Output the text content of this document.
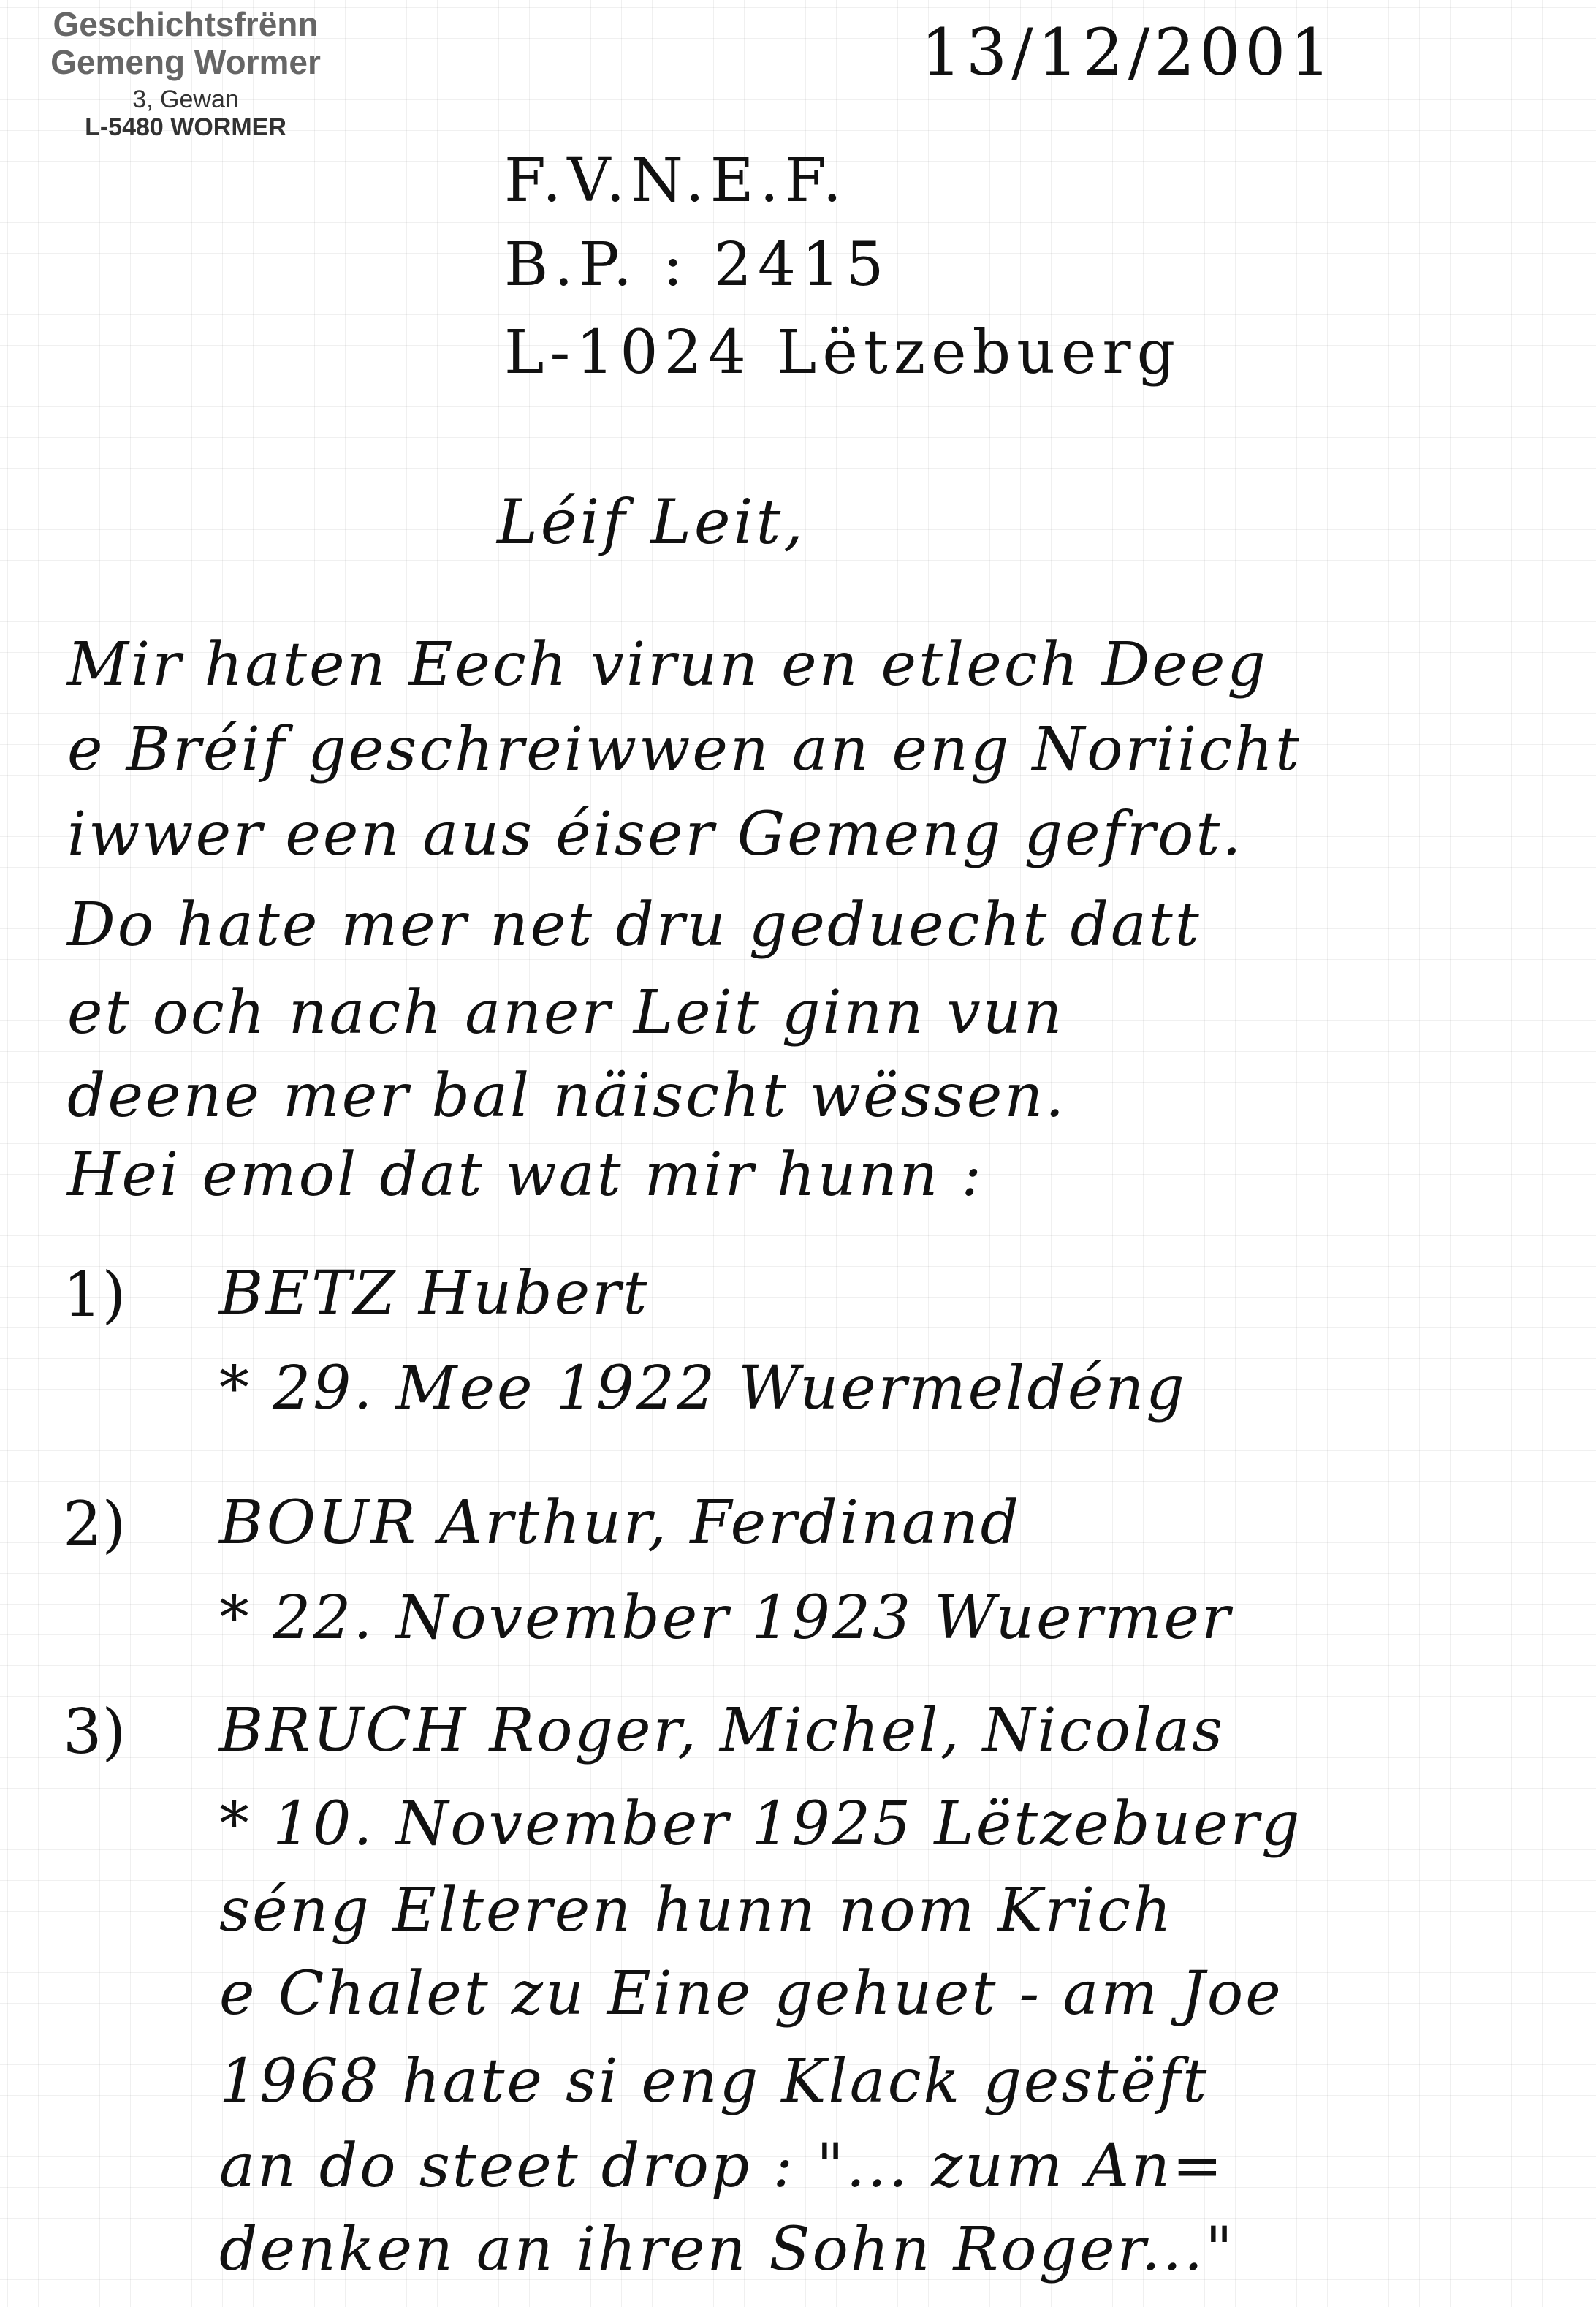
Geschichtsfrënn
Gemeng Wormer
3, Gewan
L-5480 WORMER
13/12/2001
F.V.N.E.F.
B.P. : 2415
L-1024 Lëtzebuerg
Léif Leit,
Mir haten Eech virun en etlech Deeg
e Bréif geschreiwwen an eng Noriicht
iwwer een aus éiser Gemeng gefrot.
Do hate mer net dru geduecht datt
et och nach aner Leit ginn vun
deene mer bal näischt wëssen.
Hei emol dat wat mir hunn :
1) BETZ Hubert
* 29. Mee 1922 Wuermeldéng
2) BOUR Arthur, Ferdinand
* 22. November 1923 Wuermer
3) BRUCH Roger, Michel, Nicolas
* 10. November 1925 Lëtzebuerg
séng Elteren hunn nom Krich
e Chalet zu Eine gehuet - am Joe
1968 hate si eng Klack gestëft
an do steet drop : "... zum An=
denken an ihren Sohn Roger..."
